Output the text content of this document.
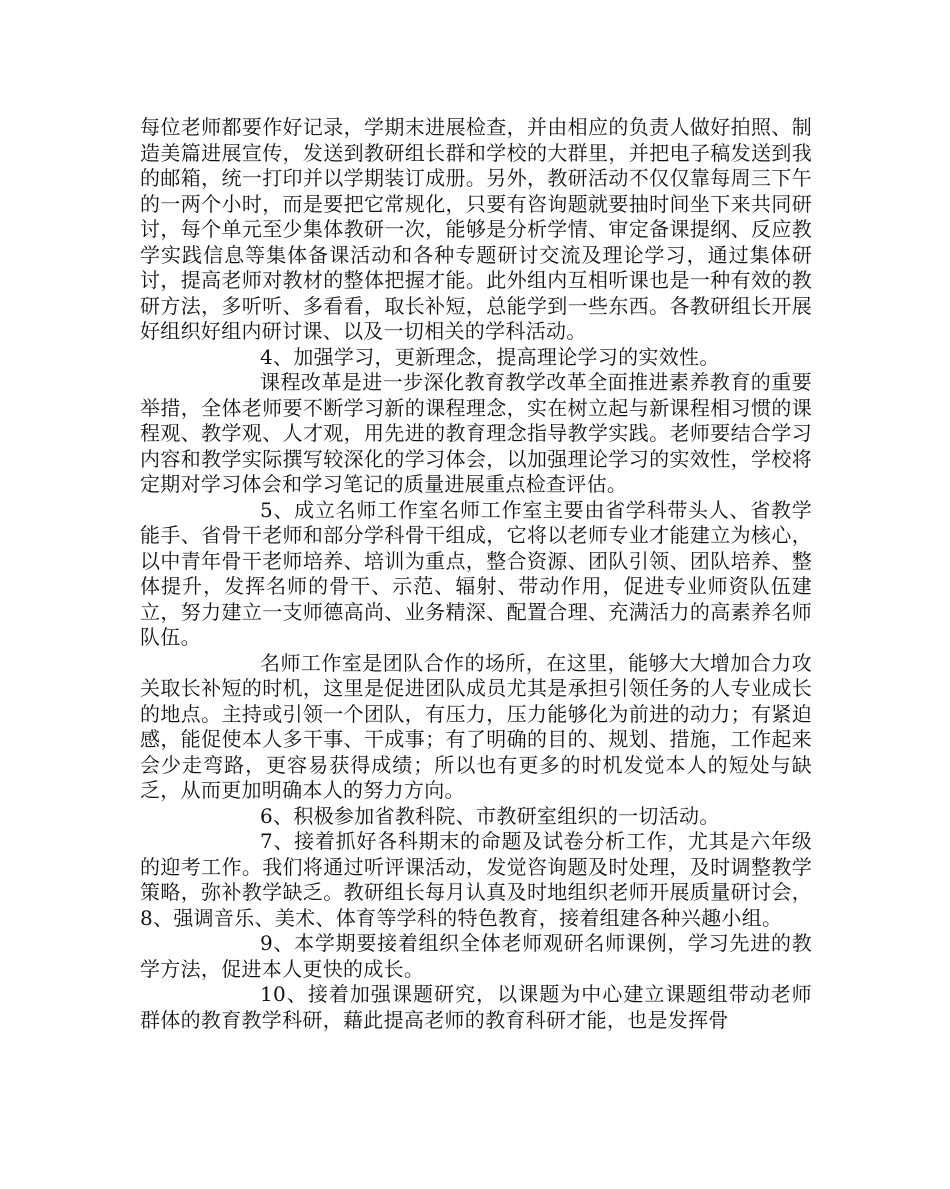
每位老师都要作好记录，学期末进展检查，并由相应的负责人做好拍照、制造美篇进展宣传，发送到教研组长群和学校的大群里，并把电子稿发送到我的邮箱，统一打印并以学期装订成册。另外，教研活动不仅仅靠每周三下午的一两个小时，而是要把它常规化，只要有咨询题就要抽时间坐下来共同研讨，每个单元至少集体教研一次，能够是分析学情、审定备课提纲、反应教学实践信息等集体备课活动和各种专题研讨交流及理论学习，通过集体研讨，提高老师对教材的整体把握才能。此外组内互相听课也是一种有效的教研方法，多听听、多看看，取长补短，总能学到一些东西。各教研组长开展好组织好组内研讨课、以及一切相关的学科活动。

4、加强学习，更新理念，提高理论学习的实效性。

课程改革是进一步深化教育教学改革全面推进素养教育的重要举措，全体老师要不断学习新的课程理念，实在树立起与新课程相习惯的课程观、教学观、人才观，用先进的教育理念指导教学实践。老师要结合学习内容和教学实际撰写较深化的学习体会，以加强理论学习的实效性，学校将定期对学习体会和学习笔记的质量进展重点检查评估。

5、成立名师工作室名师工作室主要由省学科带头人、省教学能手、省骨干老师和部分学科骨干组成，它将以老师专业才能建立为核心，以中青年骨干老师培养、培训为重点，整合资源、团队引领、团队培养、整体提升，发挥名师的骨干、示范、辐射、带动作用，促进专业师资队伍建立，努力建立一支师德高尚、业务精深、配置合理、充满活力的高素养名师队伍。

名师工作室是团队合作的场所，在这里，能够大大增加合力攻关取长补短的时机，这里是促进团队成员尤其是承担引领任务的人专业成长的地点。主持或引领一个团队，有压力，压力能够化为前进的动力；有紧迫感，能促使本人多干事、干成事；有了明确的目的、规划、措施，工作起来会少走弯路，更容易获得成绩；所以也有更多的时机发觉本人的短处与缺乏，从而更加明确本人的努力方向。

6、积极参加省教科院、市教研室组织的一切活动。

7、接着抓好各科期末的命题及试卷分析工作，尤其是六年级的迎考工作。我们将通过听评课活动，发觉咨询题及时处理，及时调整教学策略，弥补教学缺乏。教研组长每月认真及时地组织老师开展质量研讨会，8、强调音乐、美术、体育等学科的特色教育，接着组建各种兴趣小组。

9、本学期要接着组织全体老师观研名师课例，学习先进的教学方法，促进本人更快的成长。

10、接着加强课题研究，以课题为中心建立课题组带动老师群体的教育教学科研，藉此提高老师的教育科研才能，也是发挥骨
